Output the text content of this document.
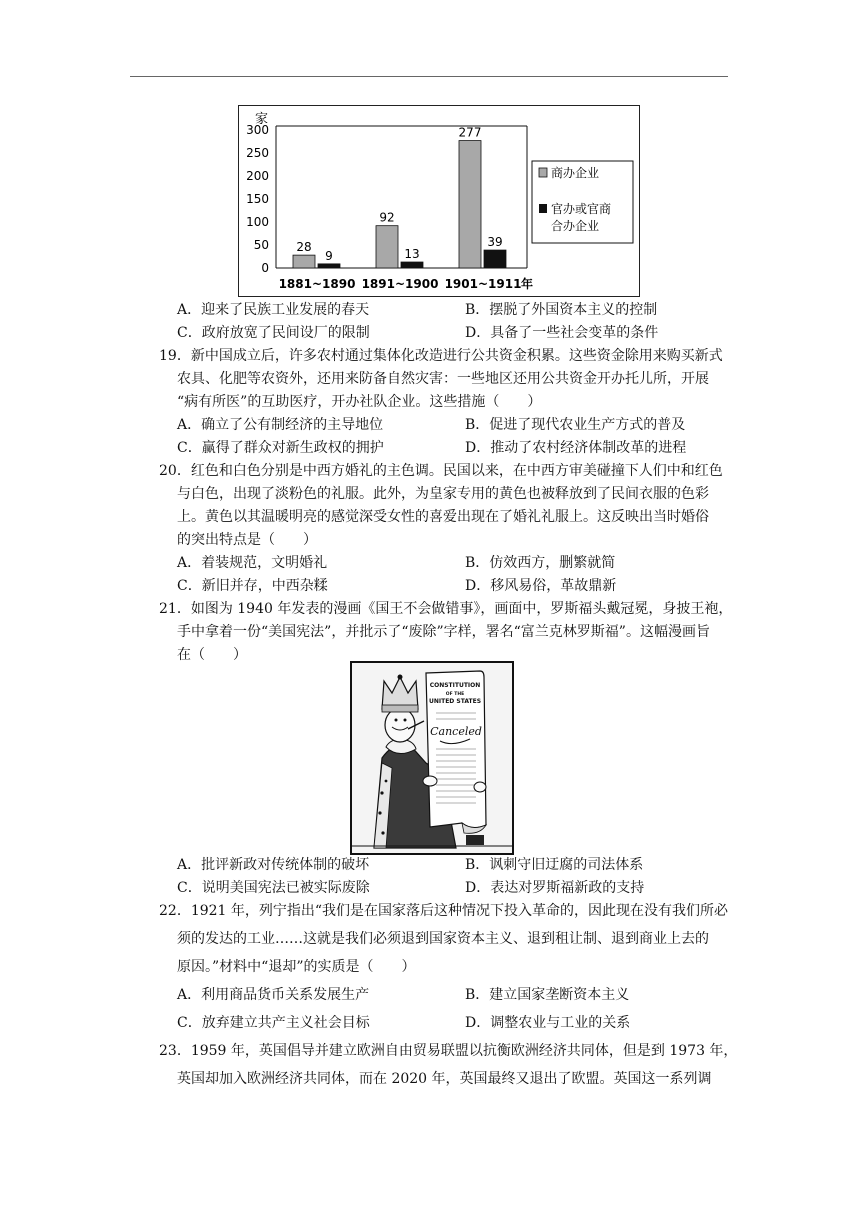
家
300
250
200
150
100
50
0
28
9
92
13
277
39
1881~1890 1891~1900 1901~1911 年
商办企业
官办或官商
合办企业
A．迎来了民族工业发展的春天	B．摆脱了外国资本主义的控制
C．政府放宽了民间设厂的限制	D．具备了一些社会变革的条件
19．新中国成立后，许多农村通过集体化改造进行公共资金积累。这些资金除用来购买新式
农具、化肥等农资外，还用来防备自然灾害：一些地区还用公共资金开办托儿所，开展
“病有所医”的互助医疗，开办社队企业。这些措施（　　）
A．确立了公有制经济的主导地位	B．促进了现代农业生产方式的普及
C．赢得了群众对新生政权的拥护	D．推动了农村经济体制改革的进程
20．红色和白色分别是中西方婚礼的主色调。民国以来，在中西方审美碰撞下人们中和红色
与白色，出现了淡粉色的礼服。此外，为皇家专用的黄色也被释放到了民间衣服的色彩
上。黄色以其温暖明亮的感觉深受女性的喜爱出现在了婚礼礼服上。这反映出当时婚俗
的突出特点是（　　）
A．着装规范，文明婚礼	B．仿效西方，删繁就简
C．新旧并存，中西杂糅	D．移风易俗，革故鼎新
21．如图为 1940 年发表的漫画《国王不会做错事》，画面中，罗斯福头戴冠冕，身披王袍，
手中拿着一份“美国宪法”，并批示了“废除”字样，署名“富兰克林罗斯福”。这幅漫画旨
在（　　）
CONSTITUTION
OF THE
UNITED STATES
Canceled
A．批评新政对传统体制的破坏	B．讽刺守旧迂腐的司法体系
C．说明美国宪法已被实际废除	D．表达对罗斯福新政的支持
22．1921 年，列宁指出“我们是在国家落后这种情况下投入革命的，因此现在没有我们所必
须的发达的工业……这就是我们必须退到国家资本主义、退到租让制、退到商业上去的
原因。”材料中“退却”的实质是（　　）
A．利用商品货币关系发展生产	B．建立国家垄断资本主义
C．放弃建立共产主义社会目标	D．调整农业与工业的关系
23．1959 年，英国倡导并建立欧洲自由贸易联盟以抗衡欧洲经济共同体，但是到 1973 年，
英国却加入欧洲经济共同体，而在 2020 年，英国最终又退出了欧盟。英国这一系列调
